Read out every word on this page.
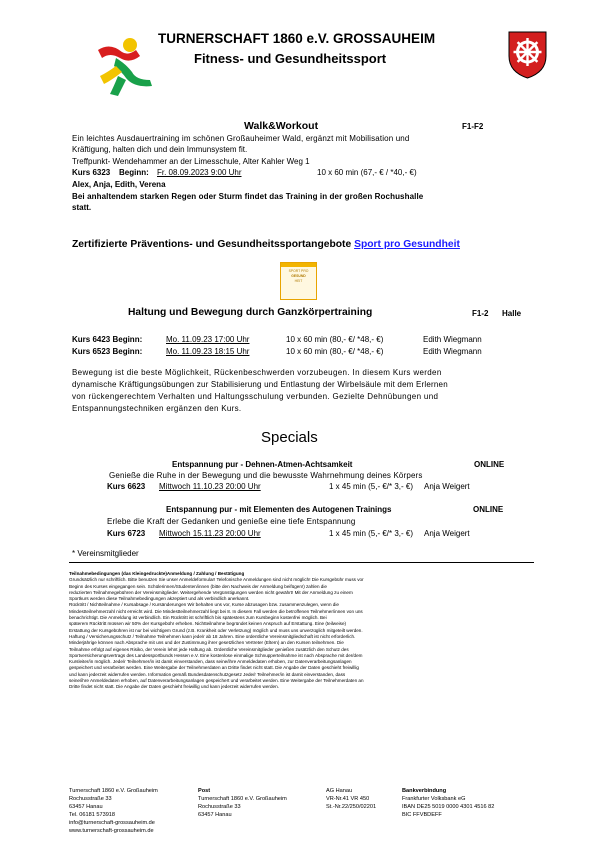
TURNERSCHAFT 1860 e.V. GROSSAUHEIM
Fitness- und Gesundheitssport
Walk&Workout	F1-F2
Ein leichtes Ausdauertraining im schönen Großauheimer Wald, ergänzt mit Mobilisation und
Kräftigung, halten dich und dein Immunsystem fit.
Treffpunkt- Wendehammer an der Limesschule, Alter Kahler Weg 1
Kurs 6323 Beginn: Fr. 08.09.2023 9:00 Uhr	10 x 60 min (67,- € / *40,- €)
Alex, Anja, Edith, Verena
Bei anhaltendem starken Regen oder Sturm findet das Training in der großen Rochushalle
statt.
Zertifizierte Präventions- und Gesundheitssportangebote Sport pro Gesundheit
SPORT PRO
GESUND
HEIT
Haltung und Bewegung durch Ganzkörpertraining	F1-2 Halle
Kurs 6423 Beginn:	Mo. 11.09.23 17:00 Uhr	10 x 60 min (80,- €/ *48,- €)	Edith Wiegmann
Kurs 6523 Beginn:	Mo. 11.09.23 18:15 Uhr	10 x 60 min (80,- €/ *48,- €)	Edith Wiegmann
Bewegung ist die beste Möglichkeit, Rückenbeschwerden vorzubeugen. In diesem Kurs werden
dynamische Kräftigungsübungen zur Stabilisierung und Entlastung der Wirbelsäule mit dem Erlernen
von rückengerechtem Verhalten und Haltungsschulung verbunden. Gezielte Dehnübungen und
Entspannungstechniken ergänzen den Kurs.
Specials
Entspannung pur - Dehnen-Atmen-Achtsamkeit	ONLINE
Genieße die Ruhe in der Bewegung und die bewusste Wahrnehmung deines Körpers
Kurs 6623 Mittwoch 11.10.23 20:00 Uhr	1 x 45 min (5,- €/* 3,- €) Anja Weigert
Entspannung pur - mit Elementen des Autogenen Trainings	ONLINE
Erlebe die Kraft der Gedanken und genieße eine tiefe Entspannung
Kurs 6723 Mittwoch 15.11.23 20:00 Uhr	1 x 45 min (5,- €/* 3,- €) Anja Weigert
* Vereinsmitglieder
Teilnahmebedingungen (das Kleingedruckte)Anmeldung / Zahlung / Bestätigung
Grundsätzlich nur schriftlich. Bitte benutzen Sie unser Anmeldeformular! Telefonische Anmeldungen sind nicht möglich! Die Kursgebühr muss vor
Beginn des Kurses eingegangen sein. Schülerinnen/Studenten/innen (bitte den Nachweis der Anmeldung beifügen!) zahlen die
reduzierten Teilnahmegebühren der Vereinsmitglieder. Weitergehende Vergünstigungen werden nicht gewährt! Mit der Anmeldung zu einem
Sportkurs werden diese Teilnahmebedingungen akzeptiert und als verbindlich anerkannt.
Rücktritt / Nichtteilnahme / Kursabsage / Kursänderungen Wir behalten uns vor, Kurse abzusagen bzw. zusammenzulegen, wenn die
Mindestteilnehmerzahl nicht erreicht wird. Die Mindestteilnehmerzahl liegt bei 8. In diesem Fall werden die betroffenen Teilnehmer/innen von uns
benachrichtigt. Die Anmeldung ist verbindlich. Ein Rücktritt ist schriftlich bis spätestens zum Kursbeginn kostenfrei möglich. Bei
späterem Rücktritt müssen wir 50% der Kursgebühr erheben. Nichtteilnahme begründet keinen Anspruch auf Erstattung. Eine (teilweise)
Erstattung der Kursgebühren ist nur bei wichtigem Grund (z.B. Krankheit oder Verletzung) möglich und muss uns unverzüglich mitgeteilt werden.
Haftung / Versicherungsschutz / Teilnahme Teilnehmen kann jede/r ab 18 Jahren. Eine ordentliche Vereinsmitgliedschaft ist nicht erforderlich.
Minderjährige können nach Absprache mit uns und der Zustimmung ihrer gesetzlichen Vertreter (Eltern) an den Kursen teilnehmen. Die
Teilnahme erfolgt auf eigenes Risiko, der Verein lehnt jede Haftung ab. Ordentliche Vereinsmitglieder genießen zusätzlich den Schutz des
Sportversicherungsvertrags des Landessportbunds Hessen e.V. Eine kostenlose einmalige Schnupperteilnahme ist nach Absprache mit der/dem
Kursleiter/in möglich. Jede/r Teilnehmer/in ist damit einverstanden, dass seine/ihre Anmeldedaten erhoben, zur Datenverarbeitungsanlagen
gespeichert und verarbeitet werden. Eine Weitergabe der Teilnehmerdaten an Dritte findet nicht statt. Die Angabe der Daten geschieht freiwillig
und kann jederzeit widerrufen werden. Information gemäß Bundesdatenschutzgesetz Jede/r Teilnehmer/in ist damit einverstanden, dass
seine/ihre Anmeldedaten erhoben, auf Datenverarbeitungsanlagen gespeichert und verarbeitet werden. Eine Weitergabe der Teilnehmerdaten an
Dritte findet nicht statt. Die Angabe der Daten geschieht freiwillig und kann jederzeit widerrufen werden.
Turnerschaft 1860 e.V. Großauheim
Rochusstraße 33
63457 Hanau
Tel. 06181 573918
info@turnerschaft-grossauheim.de
www.turnerschaft-grossauheim.de
Post
Turnerschaft 1860 e.V. Großauheim
Rochusstraße 33
63457 Hanau
AG Hanau
VR-Nr.41 VR 450
St.-Nr.22/250/02201
Bankverbindung
Frankfurter Volksbank eG
IBAN DE25 5019 0000 4301 4516 82
BIC FFVBDEFF
